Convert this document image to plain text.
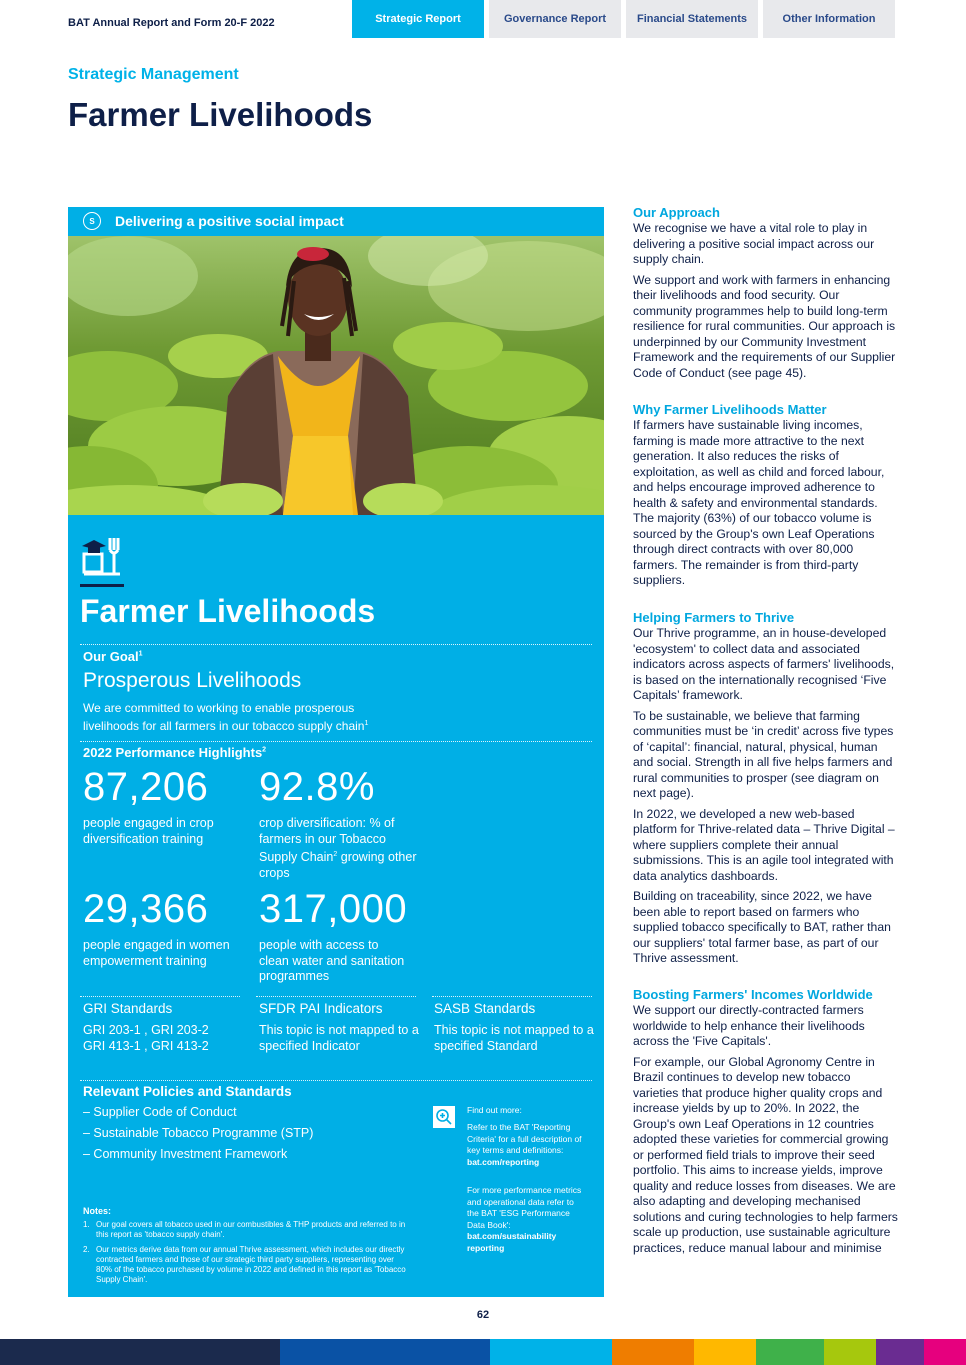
BAT Annual Report and Form 20-F 2022	Strategic Report	Governance Report	Financial Statements	Other Information
Strategic Management
Farmer Livelihoods
S	Delivering a positive social impact
Farmer Livelihoods
Our Goal$^1$
Prosperous Livelihoods
We are committed to working to enable prosperous livelihoods for all farmers in our tobacco supply chain$^1$
2022 Performance Highlights$^2$
87,206
people engaged in crop diversification training
92.8%
crop diversification: % of farmers in our Tobacco Supply Chain$^2$ growing other crops
29,366
people engaged in women empowerment training
317,000
people with access to clean water and sanitation programmes
GRI Standards
GRI 203-1 , GRI 203-2 GRI 413-1 , GRI 413-2
SFDR PAI Indicators
This topic is not mapped to a specified Indicator
SASB Standards
This topic is not mapped to a specified Standard
Relevant Policies and Standards
– Supplier Code of Conduct
– Sustainable Tobacco Programme (STP)
– Community Investment Framework
Notes:
1. Our goal covers all tobacco used in our combustibles & THP products and referred to in this report as 'tobacco supply chain'.
2. Our metrics derive data from our annual Thrive assessment, which includes our directly contracted farmers and those of our strategic third party suppliers, representing over 80% of the tobacco purchased by volume in 2022 and defined in this report as 'Tobacco Supply Chain'.
Find out more:
Refer to the BAT 'Reporting Criteria' for a full description of key terms and definitions:
bat.com/reporting
For more performance metrics and operational data refer to the BAT 'ESG Performance Data Book':
bat.com/sustainability reporting
Our Approach

We recognise we have a vital role to play in delivering a positive social impact across our supply chain.

We support and work with farmers in enhancing their livelihoods and food security. Our community programmes help to build long-term resilience for rural communities. Our approach is underpinned by our Community Investment Framework and the requirements of our Supplier Code of Conduct (see page 45).

Why Farmer Livelihoods Matter

If farmers have sustainable living incomes, farming is made more attractive to the next generation. It also reduces the risks of exploitation, as well as child and forced labour, and helps encourage improved adherence to health & safety and environmental standards. The majority (63%) of our tobacco volume is sourced by the Group's own Leaf Operations through direct contracts with over 80,000 farmers. The remainder is from third-party suppliers.

Helping Farmers to Thrive

Our Thrive programme, an in house-developed 'ecosystem' to collect data and associated indicators across aspects of farmers' livelihoods, is based on the internationally recognised ‘Five Capitals’ framework.

To be sustainable, we believe that farming communities must be ‘in credit’ across five types of ‘capital’: financial, natural, physical, human and social. Strength in all five helps farmers and rural communities to prosper (see diagram on next page).

In 2022, we developed a new web-based platform for Thrive-related data – Thrive Digital – where suppliers complete their annual submissions. This is an agile tool integrated with data analytics dashboards.

Building on traceability, since 2022, we have been able to report based on farmers who supplied tobacco specifically to BAT, rather than our suppliers' total farmer base, as part of our Thrive assessment.

Boosting Farmers' Incomes Worldwide

We support our directly-contracted farmers worldwide to help enhance their livelihoods across the 'Five Capitals'.

For example, our Global Agronomy Centre in Brazil continues to develop new tobacco varieties that produce higher quality crops and increase yields by up to 20%. In 2022, the Group's own Leaf Operations in 12 countries adopted these varieties for commercial growing or performed field trials to improve their seed portfolio. This aims to increase yields, improve quality and reduce losses from diseases. We are also adapting and developing mechanised solutions and curing technologies to help farmers scale up production, use sustainable agriculture practices, reduce manual labour and minimise

62
